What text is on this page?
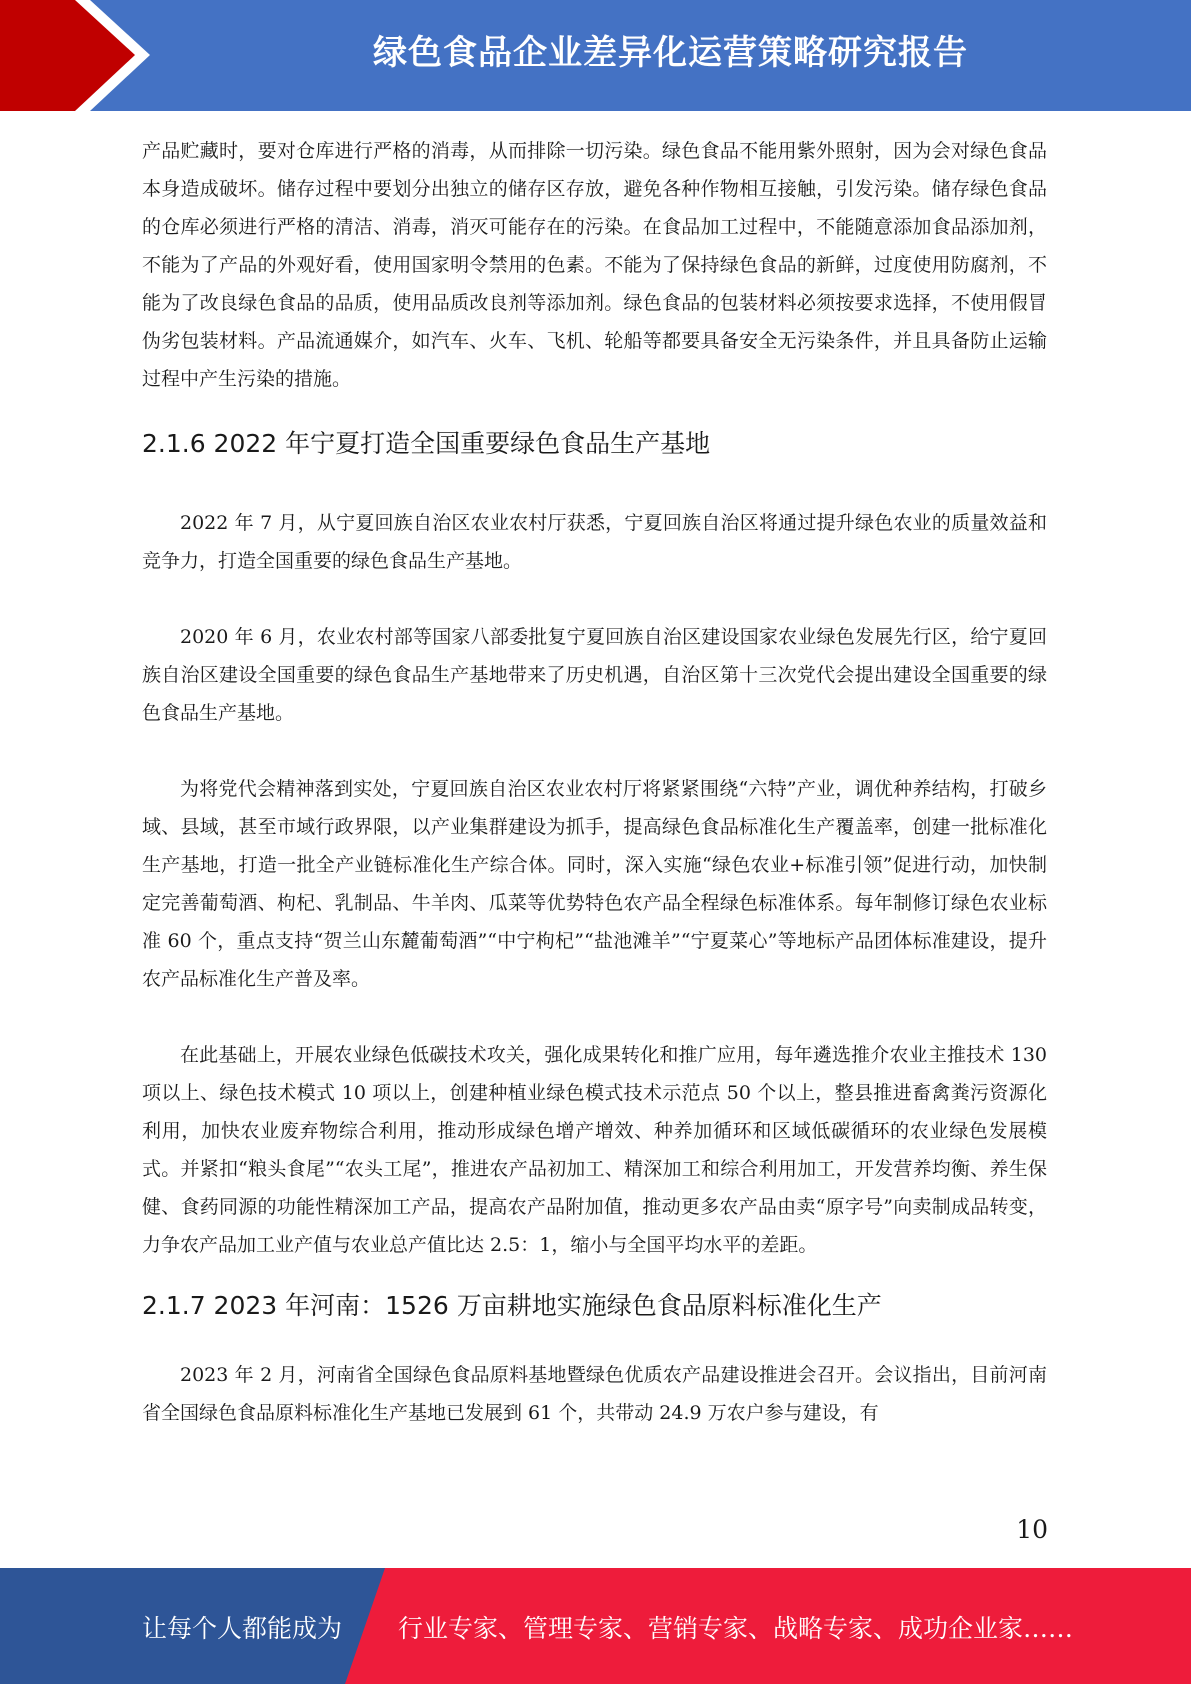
绿色食品企业差异化运营策略研究报告

产品贮藏时，要对仓库进行严格的消毒，从而排除一切污染。绿色食品不能用紫外照射，因为会对绿色食品本身造成破坏。储存过程中要划分出独立的储存区存放，避免各种作物相互接触，引发污染。储存绿色食品的仓库必须进行严格的清洁、消毒，消灭可能存在的污染。在食品加工过程中，不能随意添加食品添加剂，不能为了产品的外观好看，使用国家明令禁用的色素。不能为了保持绿色食品的新鲜，过度使用防腐剂，不能为了改良绿色食品的品质，使用品质改良剂等添加剂。绿色食品的包装材料必须按要求选择，不使用假冒伪劣包装材料。产品流通媒介，如汽车、火车、飞机、轮船等都要具备安全无污染条件，并且具备防止运输过程中产生污染的措施。

2.1.6 2022 年宁夏打造全国重要绿色食品生产基地

2022 年 7 月，从宁夏回族自治区农业农村厅获悉，宁夏回族自治区将通过提升绿色农业的质量效益和竞争力，打造全国重要的绿色食品生产基地。

2020 年 6 月，农业农村部等国家八部委批复宁夏回族自治区建设国家农业绿色发展先行区，给宁夏回族自治区建设全国重要的绿色食品生产基地带来了历史机遇，自治区第十三次党代会提出建设全国重要的绿色食品生产基地。

为将党代会精神落到实处，宁夏回族自治区农业农村厅将紧紧围绕“六特”产业，调优种养结构，打破乡域、县域，甚至市域行政界限，以产业集群建设为抓手，提高绿色食品标准化生产覆盖率，创建一批标准化生产基地，打造一批全产业链标准化生产综合体。同时，深入实施“绿色农业+标准引领”促进行动，加快制定完善葡萄酒、枸杞、乳制品、牛羊肉、瓜菜等优势特色农产品全程绿色标准体系。每年制修订绿色农业标准 60 个，重点支持“贺兰山东麓葡萄酒”“中宁枸杞”“盐池滩羊”“宁夏菜心”等地标产品团体标准建设，提升农产品标准化生产普及率。

在此基础上，开展农业绿色低碳技术攻关，强化成果转化和推广应用，每年遴选推介农业主推技术 130 项以上、绿色技术模式 10 项以上，创建种植业绿色模式技术示范点 50 个以上，整县推进畜禽粪污资源化利用，加快农业废弃物综合利用，推动形成绿色增产增效、种养加循环和区域低碳循环的农业绿色发展模式。并紧扣“粮头食尾”“农头工尾”，推进农产品初加工、精深加工和综合利用加工，开发营养均衡、养生保健、食药同源的功能性精深加工产品，提高农产品附加值，推动更多农产品由卖“原字号”向卖制成品转变，力争农产品加工业产值与农业总产值比达 2.5：1，缩小与全国平均水平的差距。

2.1.7 2023 年河南：1526 万亩耕地实施绿色食品原料标准化生产

2023 年 2 月，河南省全国绿色食品原料基地暨绿色优质农产品建设推进会召开。会议指出，目前河南省全国绿色食品原料标准化生产基地已发展到 61 个，共带动 24.9 万农户参与建设，有

10
让每个人都能成为 行业专家、管理专家、营销专家、战略专家、成功企业家……
